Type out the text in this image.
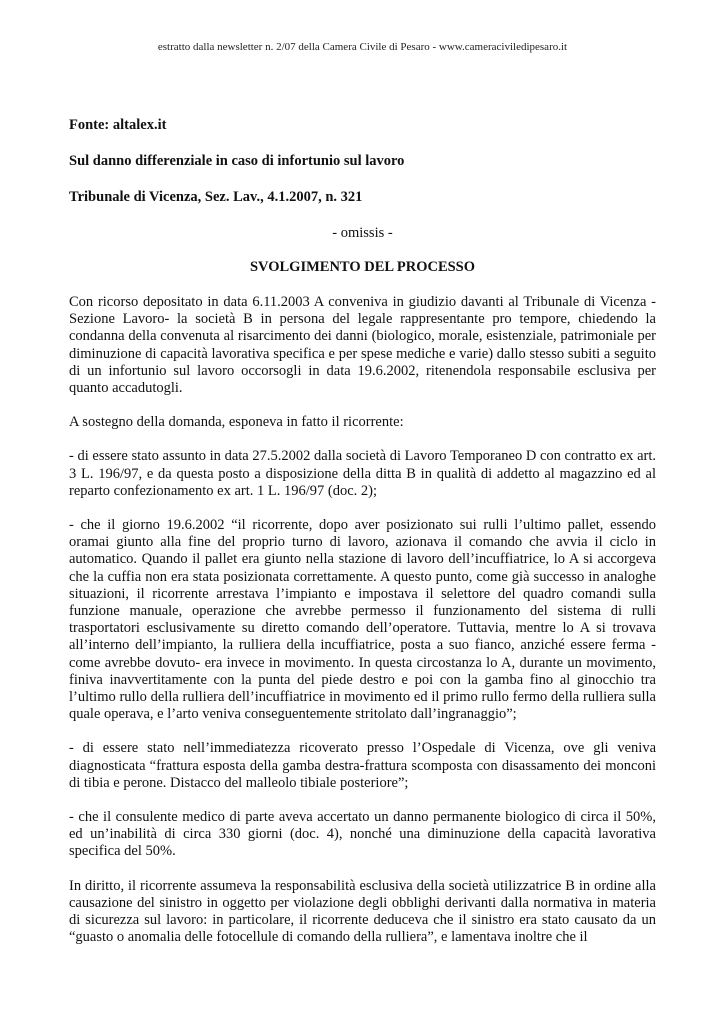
estratto dalla newsletter n. 2/07 della Camera Civile di Pesaro - www.cameraciviledipesaro.it
Fonte: altalex.it
Sul danno differenziale in caso di infortunio sul lavoro
Tribunale di Vicenza, Sez. Lav., 4.1.2007, n. 321
- omissis -
SVOLGIMENTO DEL PROCESSO

Con ricorso depositato in data 6.11.2003 A conveniva in giudizio davanti al Tribunale di Vicenza - Sezione Lavoro- la società B in persona del legale rappresentante pro tempore, chiedendo la condanna della convenuta al risarcimento dei danni (biologico, morale, esistenziale, patrimoniale per diminuzione di capacità lavorativa specifica e per spese mediche e varie) dallo stesso subiti a seguito di un infortunio sul lavoro occorsogli in data 19.6.2002, ritenendola responsabile esclusiva per quanto accadutogli.

A sostegno della domanda, esponeva in fatto il ricorrente:

- di essere stato assunto in data 27.5.2002 dalla società di Lavoro Temporaneo D con contratto ex art. 3 L. 196/97, e da questa posto a disposizione della ditta B in qualità di addetto al magazzino ed al reparto confezionamento ex art. 1 L. 196/97 (doc. 2);

- che il giorno 19.6.2002 “il ricorrente, dopo aver posizionato sui rulli l’ultimo pallet, essendo oramai giunto alla fine del proprio turno di lavoro, azionava il comando che avvia il ciclo in automatico. Quando il pallet era giunto nella stazione di lavoro dell’incuffiatrice, lo A si accorgeva che la cuffia non era stata posizionata correttamente. A questo punto, come già successo in analoghe situazioni, il ricorrente arrestava l’impianto e impostava il selettore del quadro comandi sulla funzione manuale, operazione che avrebbe permesso il funzionamento del sistema di rulli trasportatori esclusivamente su diretto comando dell’operatore. Tuttavia, mentre lo A si trovava all’interno dell’impianto, la rulliera della incuffiatrice, posta a suo fianco, anziché essere ferma - come avrebbe dovuto- era invece in movimento. In questa circostanza lo A, durante un movimento, finiva inavvertitamente con la punta del piede destro e poi con la gamba fino al ginocchio tra l’ultimo rullo della rulliera dell’incuffiatrice in movimento ed il primo rullo fermo della rulliera sulla quale operava, e l’arto veniva conseguentemente stritolato dall’ingranaggio”;

- di essere stato nell’immediatezza ricoverato presso l’Ospedale di Vicenza, ove gli veniva diagnosticata “frattura esposta della gamba destra-frattura scomposta con disassamento dei monconi di tibia e perone. Distacco del malleolo tibiale posteriore”;

- che il consulente medico di parte aveva accertato un danno permanente biologico di circa il 50%, ed un’inabilità di circa 330 giorni (doc. 4), nonché una diminuzione della capacità lavorativa specifica del 50%.

In diritto, il ricorrente assumeva la responsabilità esclusiva della società utilizzatrice B in ordine alla causazione del sinistro in oggetto per violazione degli obblighi derivanti dalla normativa in materia di sicurezza sul lavoro: in particolare, il ricorrente deduceva che il sinistro era stato causato da un “guasto o anomalia delle fotocellule di comando della rulliera”, e lamentava inoltre che il
